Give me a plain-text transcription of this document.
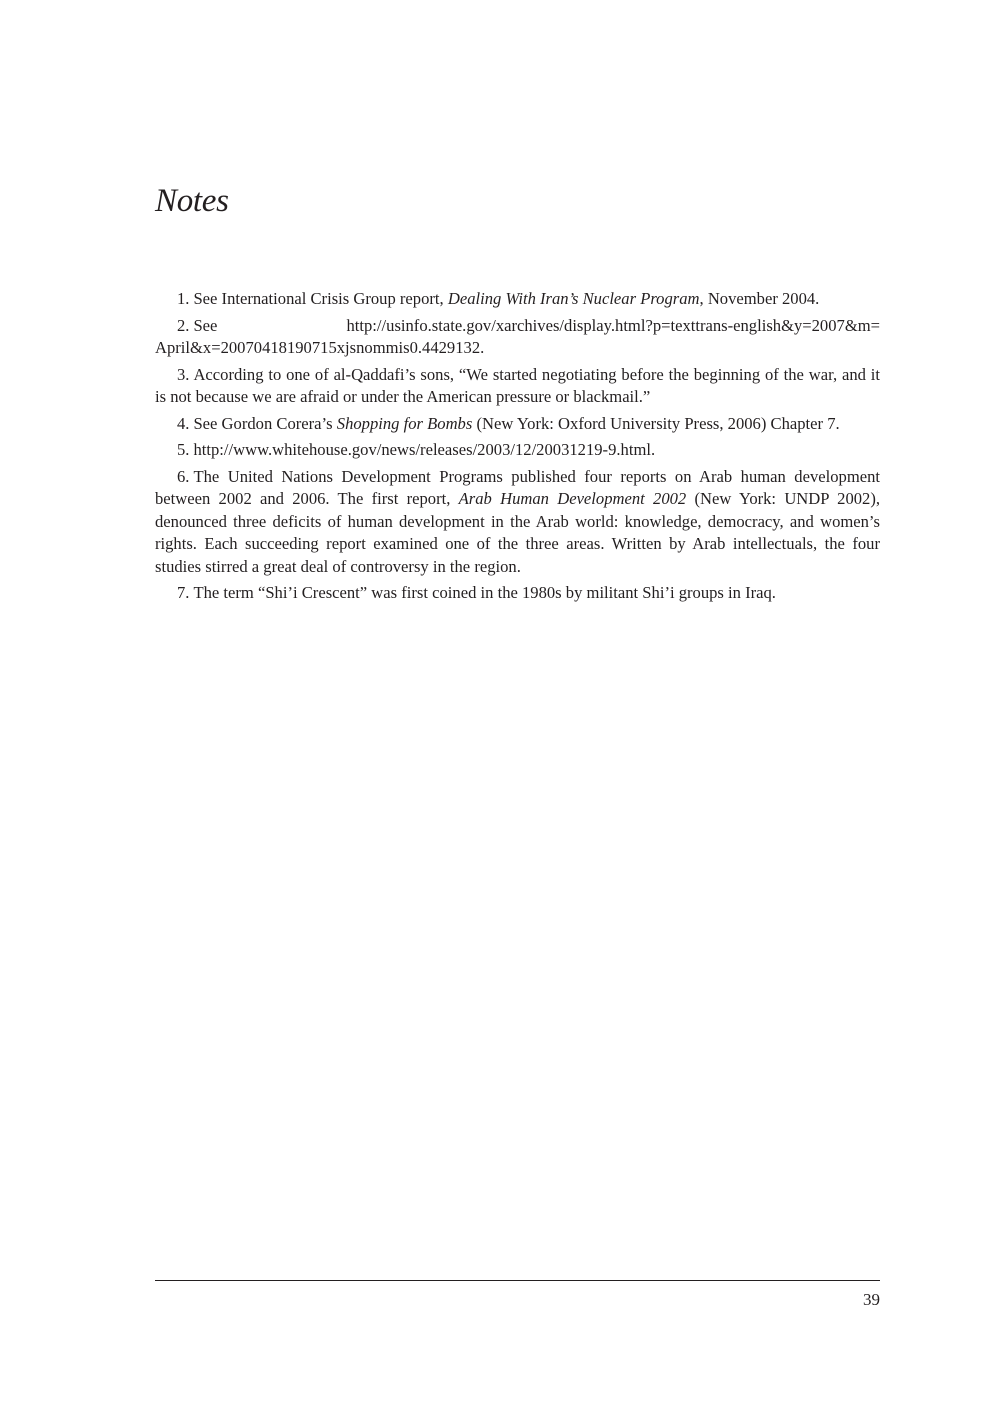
Notes

1. See International Crisis Group report, Dealing With Iran’s Nuclear Program, November 2004.

2. See http://usinfo.state.gov/xarchives/display.html?p=texttrans-english&y=2007&m= April&x=20070418190715xjsnommis0.4429132.

3. According to one of al-Qaddafi’s sons, “We started negotiating before the beginning of the war, and it is not because we are afraid or under the American pressure or blackmail.”

4. See Gordon Corera’s Shopping for Bombs (New York: Oxford University Press, 2006) Chapter 7.

5. http://www.whitehouse.gov/news/releases/2003/12/20031219-9.html.

6. The United Nations Development Programs published four reports on Arab human development between 2002 and 2006. The first report, Arab Human Development 2002 (New York: UNDP 2002), denounced three deficits of human development in the Arab world: knowledge, democracy, and women’s rights. Each succeeding report examined one of the three areas. Written by Arab intellectuals, the four studies stirred a great deal of controversy in the region.

7. The term “Shi’i Crescent” was first coined in the 1980s by militant Shi’i groups in Iraq.

39
